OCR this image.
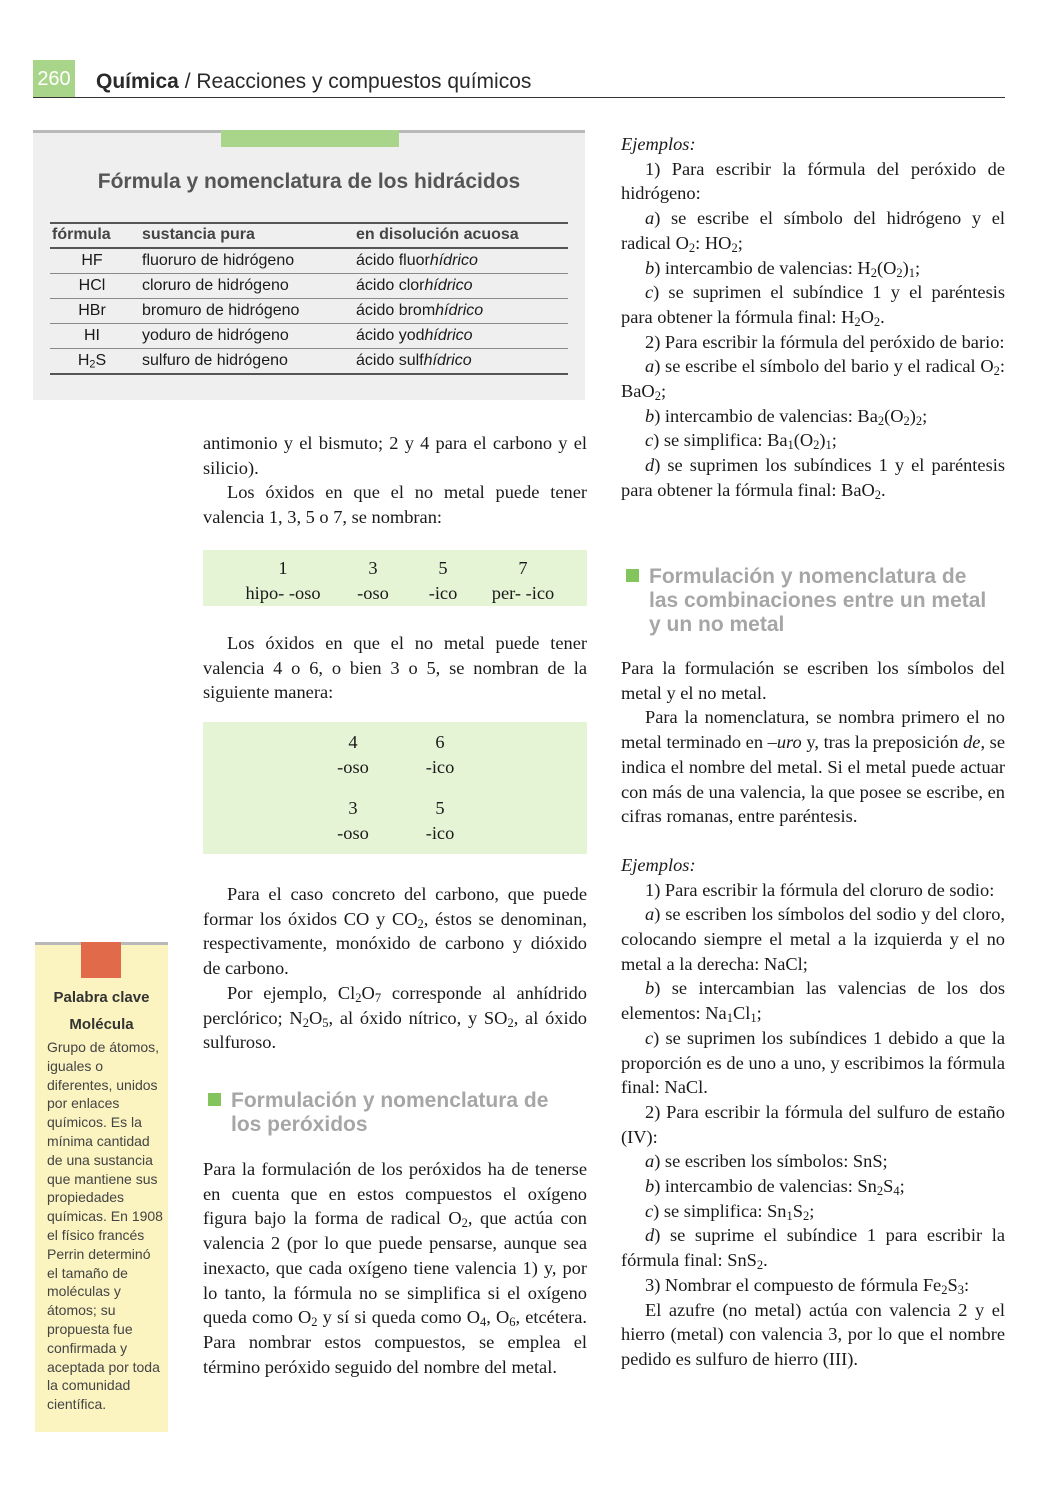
260 Química / Reacciones y compuestos químicos
Fórmula y nomenclatura de los hidrácidos
fórmula	sustancia pura	en disolución acuosa
HF	fluoruro de hidrógeno	ácido fluorhídrico
HCl	cloruro de hidrógeno	ácido clorhídrico
HBr	bromuro de hidrógeno	ácido bromhídrico
HI	yoduro de hidrógeno	ácido yodhídrico
$H_2S$	sulfuro de hidrógeno	ácido sulfhídrico

antimonio y el bismuto; 2 y 4 para el carbono y el silicio).

Los óxidos en que el no metal puede tener valencia 1, 3, 5 o 7, se nombran:

1	3	5	7
hipo- -oso	-oso	-ico	per- -ico

Los óxidos en que el no metal puede tener valencia 4 o 6, o bien 3 o 5, se nombran de la siguiente manera:

4	6
-oso	-ico
3	5
-oso	-ico

Para el caso concreto del carbono, que puede formar los óxidos CO y $CO_2$, éstos se denominan, respectivamente, monóxido de carbono y dióxido de carbono.

Por ejemplo, $Cl_2O_7$ corresponde al anhídrido perclórico; $N_2O_5$, al óxido nítrico, y $SO_2$, al óxido sulfuroso.

Formulación y nomenclatura de los peróxidos

Para la formulación de los peróxidos ha de tenerse en cuenta que en estos compuestos el oxígeno figura bajo la forma de radical $O_2$, que actúa con valencia 2 (por lo que puede pensarse, aunque sea inexacto, que cada oxígeno tiene valencia 1) y, por lo tanto, la fórmula no se simplifica si el oxígeno queda como $O_2$ y sí si queda como $O_4$, $O_6$, etcétera. Para nombrar estos compuestos, se emplea el término peróxido seguido del nombre del metal.

Palabra clave
Molécula
Grupo de átomos, iguales o diferentes, unidos por enlaces químicos. Es la mínima cantidad de una sustancia que mantiene sus propiedades químicas. En 1908 el físico francés Perrin determinó el tamaño de moléculas y átomos; su propuesta fue confirmada y aceptada por toda la comunidad científica.

Ejemplos:

1) Para escribir la fórmula del peróxido de hidrógeno:

a) se escribe el símbolo del hidrógeno y el radical $O_2$: $HO_2$;

b) intercambio de valencias: $H_2(O_2)_1$;

c) se suprimen el subíndice 1 y el paréntesis para obtener la fórmula final: $H_2O_2$.

2) Para escribir la fórmula del peróxido de bario:

a) se escribe el símbolo del bario y el radical $O_2$: BaO$_2$;

b) intercambio de valencias: $Ba_2(O_2)_2$;

c) se simplifica: $Ba_1(O_2)_1$;

d) se suprimen los subíndices 1 y el paréntesis para obtener la fórmula final: BaO$_2$.

Formulación y nomenclatura de las combinaciones entre un metal y un no metal

Para la formulación se escriben los símbolos del metal y el no metal.

Para la nomenclatura, se nombra primero el no metal terminado en –uro y, tras la preposición de, se indica el nombre del metal. Si el metal puede actuar con más de una valencia, la que posee se escribe, en cifras romanas, entre paréntesis.

Ejemplos:

1) Para escribir la fórmula del cloruro de sodio:

a) se escriben los símbolos del sodio y del cloro, colocando siempre el metal a la izquierda y el no metal a la derecha: NaCl;

b) se intercambian las valencias de los dos elementos: $Na_1Cl_1$;

c) se suprimen los subíndices 1 debido a que la proporción es de uno a uno, y escribimos la fórmula final: NaCl.

2) Para escribir la fórmula del sulfuro de estaño (IV):

a) se escriben los símbolos: SnS;

b) intercambio de valencias: $Sn_2S_4$;

c) se simplifica: $Sn_1S_2$;

d) se suprime el subíndice 1 para escribir la fórmula final: SnS$_2$.

3) Nombrar el compuesto de fórmula $Fe_2S_3$:

El azufre (no metal) actúa con valencia 2 y el hierro (metal) con valencia 3, por lo que el nombre pedido es sulfuro de hierro (III).
